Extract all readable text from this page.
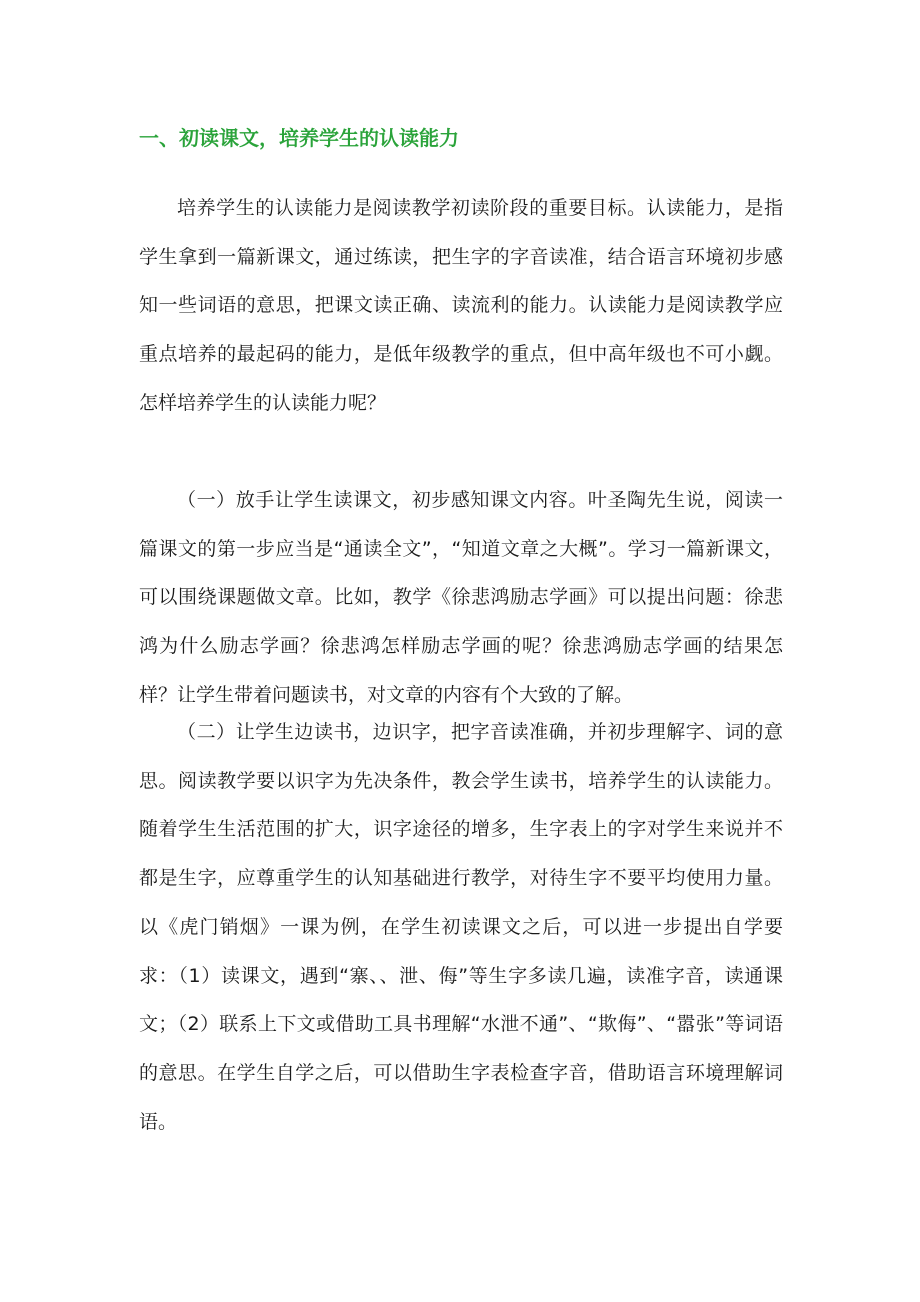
一、初读课文，培养学生的认读能力

培养学生的认读能力是阅读教学初读阶段的重要目标。认读能力，是指学生拿到一篇新课文，通过练读，把生字的字音读准，结合语言环境初步感知一些词语的意思，把课文读正确、读流利的能力。认读能力是阅读教学应重点培养的最起码的能力，是低年级教学的重点，但中高年级也不可小觑。怎样培养学生的认读能力呢？

（一）放手让学生读课文，初步感知课文内容。叶圣陶先生说，阅读一篇课文的第一步应当是“通读全文”，“知道文章之大概”。学习一篇新课文，可以围绕课题做文章。比如，教学《徐悲鸿励志学画》可以提出问题：徐悲鸿为什么励志学画？徐悲鸿怎样励志学画的呢？徐悲鸿励志学画的结果怎样？让学生带着问题读书，对文章的内容有个大致的了解。

（二）让学生边读书，边识字，把字音读准确，并初步理解字、词的意思。阅读教学要以识字为先决条件，教会学生读书，培养学生的认读能力。随着学生生活范围的扩大，识字途径的增多，生字表上的字对学生来说并不都是生字，应尊重学生的认知基础进行教学，对待生字不要平均使用力量。以《虎门销烟》一课为例，在学生初读课文之后，可以进一步提出自学要求：（1）读课文，遇到“寨、、泄、侮”等生字多读几遍，读准字音，读通课文；（2）联系上下文或借助工具书理解“水泄不通”、“欺侮”、“嚣张”等词语的意思。在学生自学之后，可以借助生字表检查字音，借助语言环境理解词语。
